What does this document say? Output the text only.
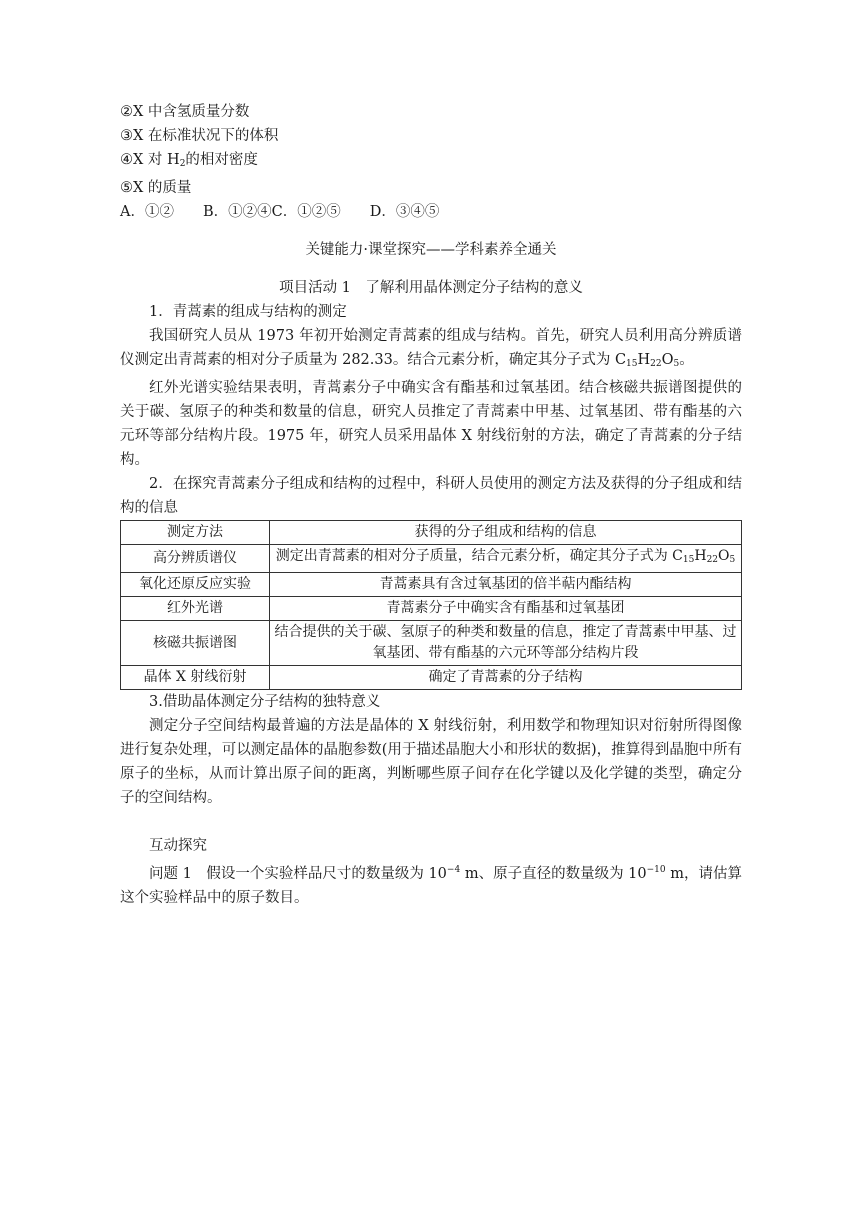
②X 中含氢质量分数
③X 在标准状况下的体积
④X 对 $H_2$的相对密度
⑤X 的质量
A．①②　　B．①②④C．①②⑤　　D．③④⑤
关键能力·课堂探究——学科素养全通关
项目活动 1　了解利用晶体测定分子结构的意义
1．青蒿素的组成与结构的测定
我国研究人员从 1973 年初开始测定青蒿素的组成与结构。首先，研究人员利用高分辨质谱仪测定出青蒿素的相对分子质量为 282.33。结合元素分析，确定其分子式为 $C_{15}H_{22}O_5$。
红外光谱实验结果表明，青蒿素分子中确实含有酯基和过氧基团。结合核磁共振谱图提供的关于碳、氢原子的种类和数量的信息，研究人员推定了青蒿素中甲基、过氧基团、带有酯基的六元环等部分结构片段。1975 年，研究人员采用晶体 X 射线衍射的方法，确定了青蒿素的分子结构。
2．在探究青蒿素分子组成和结构的过程中，科研人员使用的测定方法及获得的分子组成和结构的信息
测定方法	获得的分子组成和结构的信息
高分辨质谱仪	测定出青蒿素的相对分子质量，结合元素分析，确定其分子式为 $C_{15}H_{22}O_5$
氧化还原反应实验	青蒿素具有含过氧基团的倍半萜内酯结构
红外光谱	青蒿素分子中确实含有酯基和过氧基团
核磁共振谱图	结合提供的关于碳、氢原子的种类和数量的信息，推定了青蒿素中甲基、过氧基团、带有酯基的六元环等部分结构片段
晶体 X 射线衍射	确定了青蒿素的分子结构
3.借助晶体测定分子结构的独特意义
测定分子空间结构最普遍的方法是晶体的 X 射线衍射，利用数学和物理知识对衍射所得图像进行复杂处理，可以测定晶体的晶胞参数(用于描述晶胞大小和形状的数据)，推算得到晶胞中所有原子的坐标，从而计算出原子间的距离，判断哪些原子间存在化学键以及化学键的类型，确定分子的空间结构。
互动探究
问题 1　假设一个实验样品尺寸的数量级为 $10^{-4}$ m、原子直径的数量级为 $10^{-10}$ m，请估算这个实验样品中的原子数目。
